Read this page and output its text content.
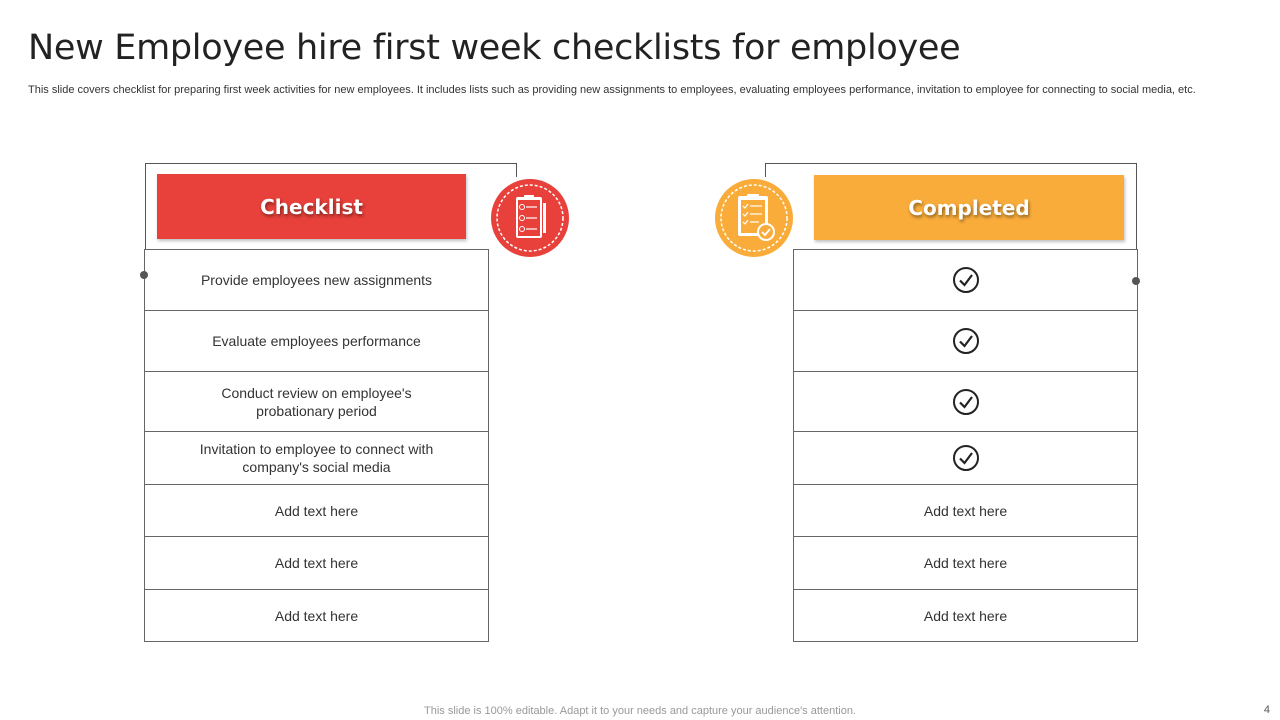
New Employee hire first week checklists for employee

This slide covers checklist for preparing first week activities for new employees. It includes lists such as providing new assignments to employees, evaluating employees performance, invitation to employee for connecting to social media, etc.

Checklist	Completed
Provide employees new assignments
Evaluate employees performance
Conduct review on employee's probationary period
Invitation to employee to connect with company's social media
Add text here
Add text here
Add text here
Add text here
Add text here
Add text here
This slide is 100% editable. Adapt it to your needs and capture your audience's attention.	4
